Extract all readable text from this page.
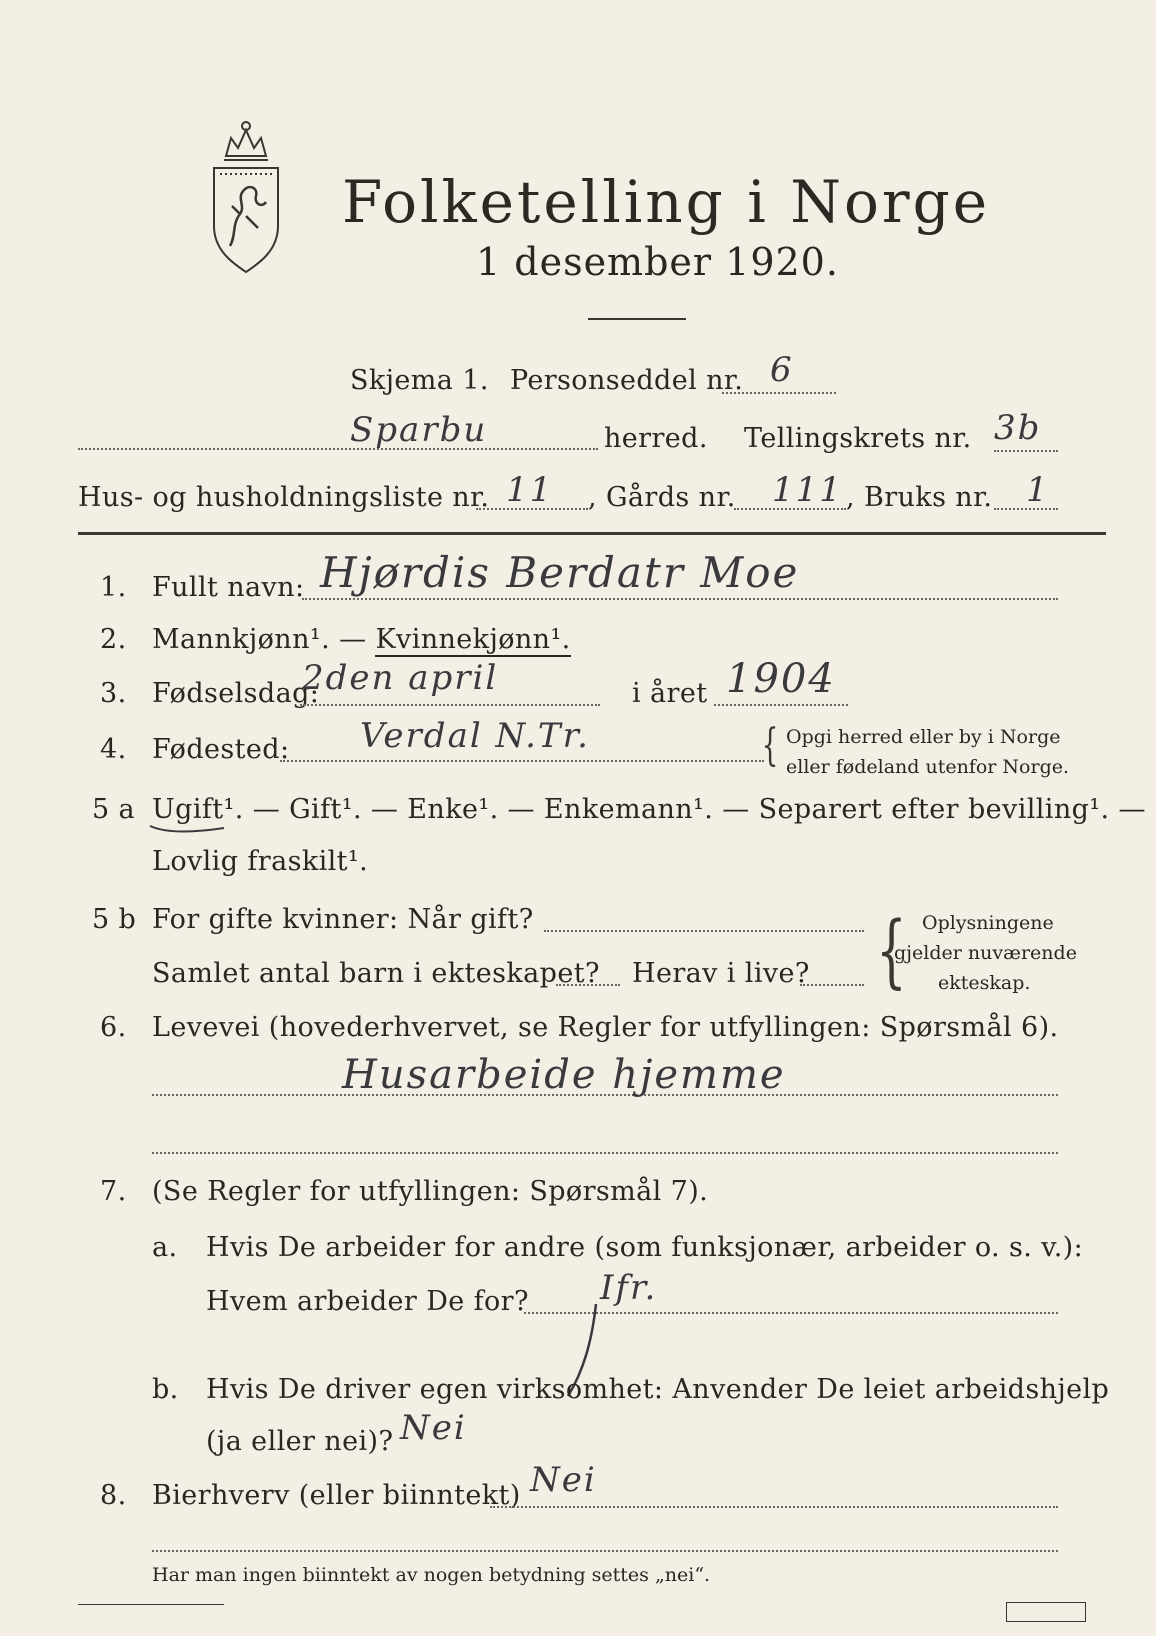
Folketelling i Norge
1 desember 1920.
Skjema 1. Personseddel nr. 6
Sparbu	herred. Tellingskrets nr. 3b
Hus- og husholdningsliste nr. 11 , Gårds nr. 111 , Bruks nr. 1
1. Fullt navn: Hjørdis Berdatr Moe
2. Mannkjønn¹. — Kvinnekjønn¹.
3. Fødselsdag:
2den april	i året 1904
4. Fødested: Verdal N.Tr.	{ Opgi herred eller by i Norge
eller fødeland utenfor Norge.
5 a Ugift¹. — Gift¹. — Enke¹. — Enkemann¹. — Separert efter bevilling¹. —
Lovlig fraskilt¹.
5 b For gifte kvinner: Når gift?
Samlet antal barn i ekteskapet? Herav i live? { Oplysningene
gjelder nuværende
ekteskap.
6. Levevei (hovederhvervet, se Regler for utfyllingen: Spørsmål 6).
Husarbeide hjemme
7. (Se Regler for utfyllingen: Spørsmål 7).
a. Hvis De arbeider for andre (som funksjonær, arbeider o. s. v.):
Hvem arbeider De for? Ifr.
b. Hvis De driver egen virksomhet: Anvender De leiet arbeidshjelp
(ja eller nei)? Nei
8. Bierhverv (eller biinntekt) Nei
Har man ingen biinntekt av nogen betydning settes „nei“.
